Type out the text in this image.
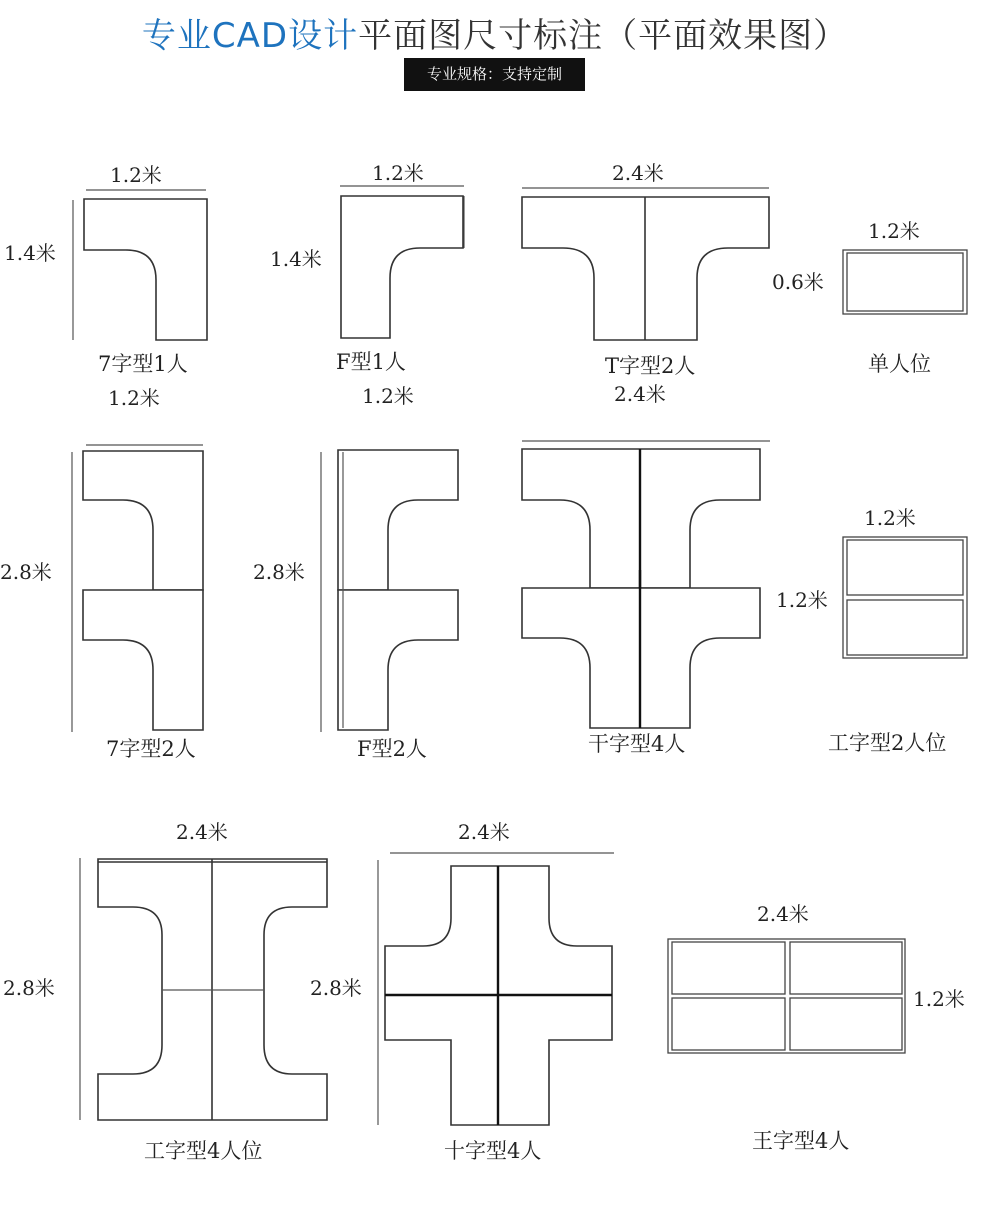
专业CAD设计平面图尺寸标注（平面效果图）
专业规格：支持定制
1.2米
1.4米
7字型1人
1.2米
1.4米
F型1人
2.4米
T字型2人
1.2米
0.6米
单人位
1.2米
2.8米
7字型2人
1.2米
2.8米
F型2人
2.4米
干字型4人
1.2米
1.2米
工字型2人位
2.4米
2.8米
工字型4人位
2.4米
2.8米
十字型4人
2.4米
1.2米
王字型4人
